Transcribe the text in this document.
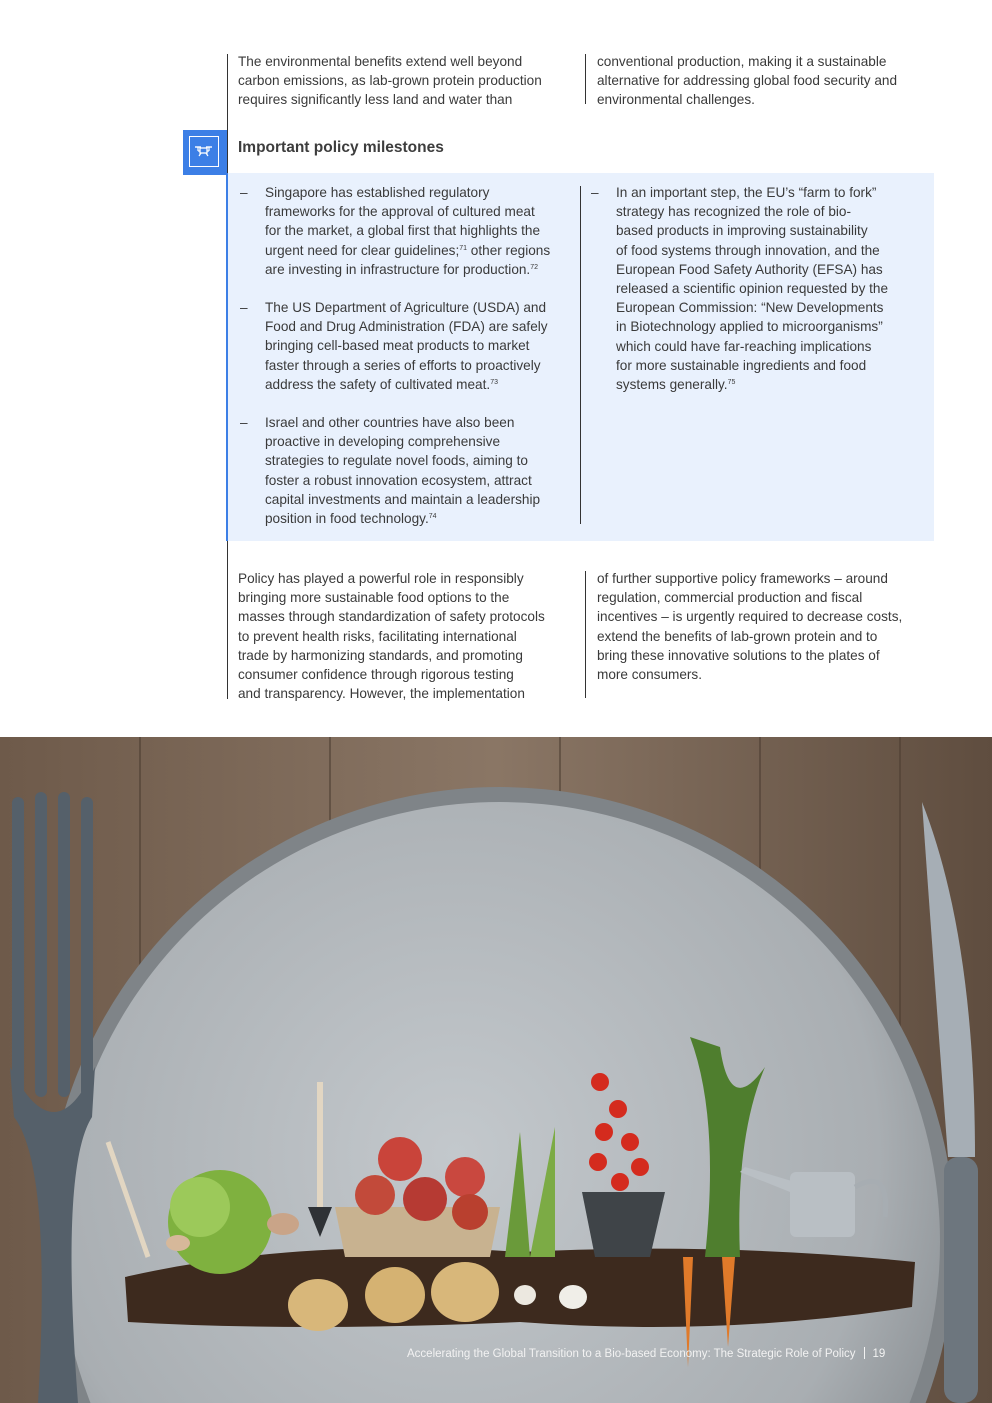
The environmental benefits extend well beyond
carbon emissions, as lab-grown protein production
requires significantly less land and water than
conventional production, making it a sustainable
alternative for addressing global food security and
environmental challenges.
Important policy milestones
– Singapore has established regulatory
frameworks for the approval of cultured meat
for the market, a global first that highlights the
urgent need for clear guidelines;$^{71}$ other regions
are investing in infrastructure for production.$^{72}$
– The US Department of Agriculture (USDA) and
Food and Drug Administration (FDA) are safely
bringing cell-based meat products to market
faster through a series of efforts to proactively
address the safety of cultivated meat.$^{73}$
– Israel and other countries have also been
proactive in developing comprehensive
strategies to regulate novel foods, aiming to
foster a robust innovation ecosystem, attract
capital investments and maintain a leadership
position in food technology.$^{74}$
– In an important step, the EU’s “farm to fork”
strategy has recognized the role of bio-
based products in improving sustainability
of food systems through innovation, and the
European Food Safety Authority (EFSA) has
released a scientific opinion requested by the
European Commission: “New Developments
in Biotechnology applied to microorganisms”
which could have far-reaching implications
for more sustainable ingredients and food
systems generally.$^{75}$
Policy has played a powerful role in responsibly
bringing more sustainable food options to the
masses through standardization of safety protocols
to prevent health risks, facilitating international
trade by harmonizing standards, and promoting
consumer confidence through rigorous testing
and transparency. However, the implementation
of further supportive policy frameworks – around
regulation, commercial production and fiscal
incentives – is urgently required to decrease costs,
extend the benefits of lab-grown protein and to
bring these innovative solutions to the plates of
more consumers.
Accelerating the Global Transition to a Bio-based Economy: The Strategic Role of Policy 19
